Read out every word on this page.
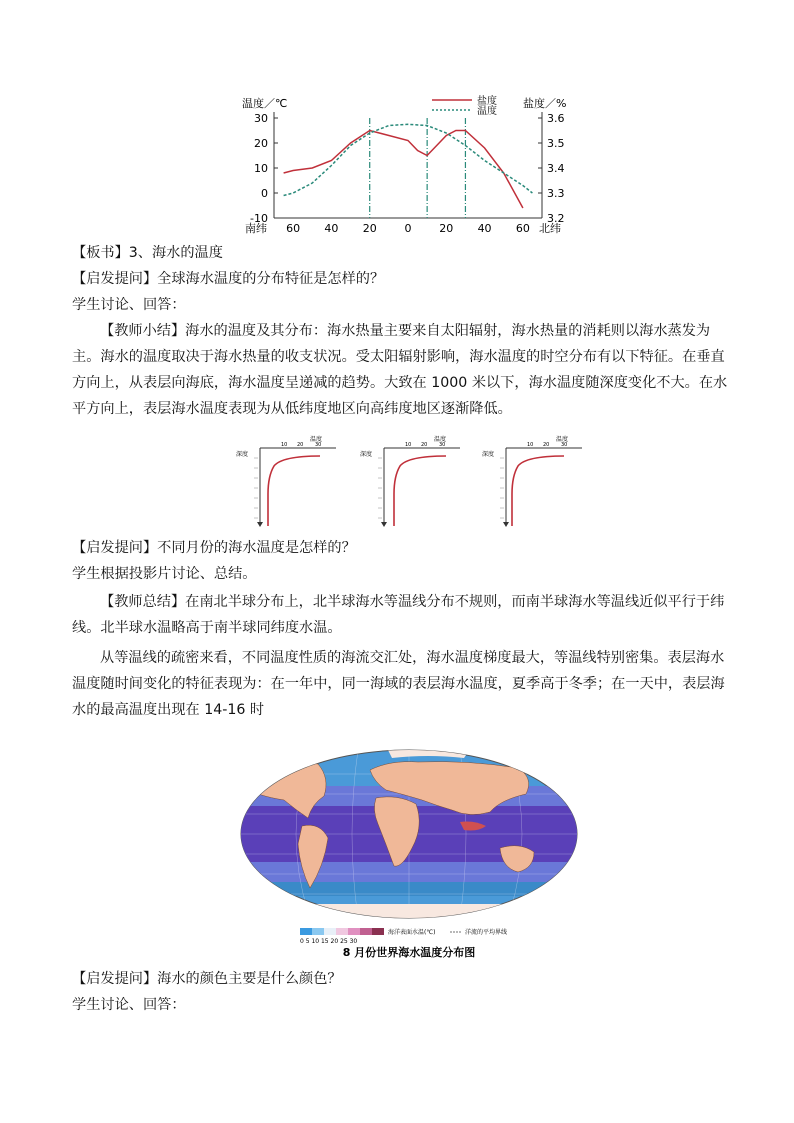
温度／℃	盐度／%
盐度
温度
30
20
10
0
-10
3.6
3.5
3.4
3.3
3.2
南纬 60 40 20	0	20 40 60 北纬

【板书】3、海水的温度

【启发提问】全球海水温度的分布特征是怎样的？

学生讨论、回答：

【教师小结】海水的温度及其分布：海水热量主要来自太阳辐射，海水热量的消耗则以海水蒸发为主。海水的温度取决于海水热量的收支状况。受太阳辐射影响，海水温度的时空分布有以下特征。在垂直方向上，从表层向海底，海水温度呈递减的趋势。大致在 1000 米以下，海水温度随深度变化不大。在水平方向上，表层海水温度表现为从低纬度地区向高纬度地区逐渐降低。

温度
深度
10 20 30
温度
深度
10 20 30
温度
深度
10 20 30

【启发提问】不同月份的海水温度是怎样的？

学生根据投影片讨论、总结。

【教师总结】在南北半球分布上，北半球海水等温线分布不规则，而南半球海水等温线近似平行于纬线。北半球水温略高于南半球同纬度水温。

从等温线的疏密来看，不同温度性质的海流交汇处，海水温度梯度最大，等温线特别密集。表层海水温度随时间变化的特征表现为：在一年中，同一海域的表层海水温度，夏季高于冬季；在一天中，表层海水的最高温度出现在 14-16 时

海洋表面水温(℃)	洋流的平均界线
0 5 10 15 20 25 30
8 月份世界海水温度分布图

【启发提问】海水的颜色主要是什么颜色？

学生讨论、回答：
